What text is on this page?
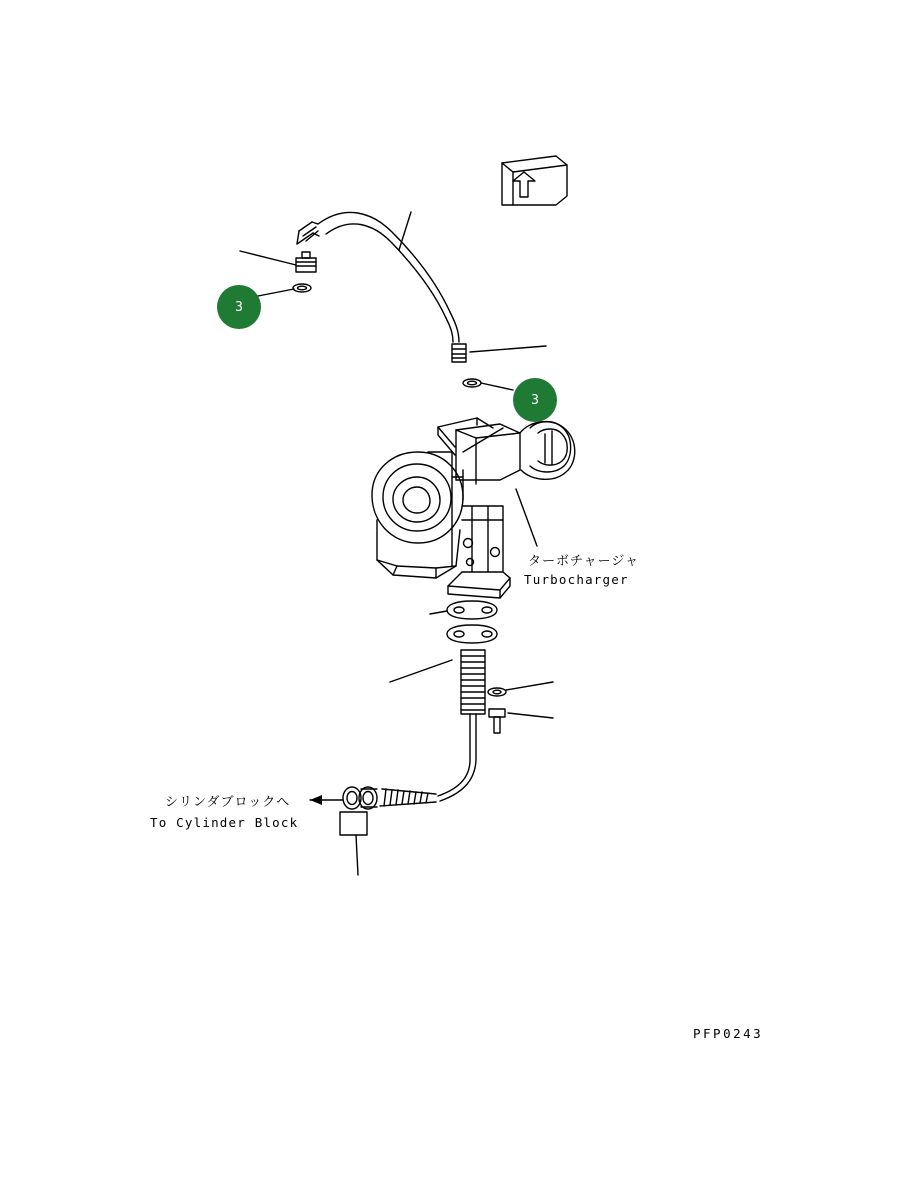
3
3
ターボチャージャ
Turbocharger
シリンダブロックへ
To Cylinder Block
PFP0243
